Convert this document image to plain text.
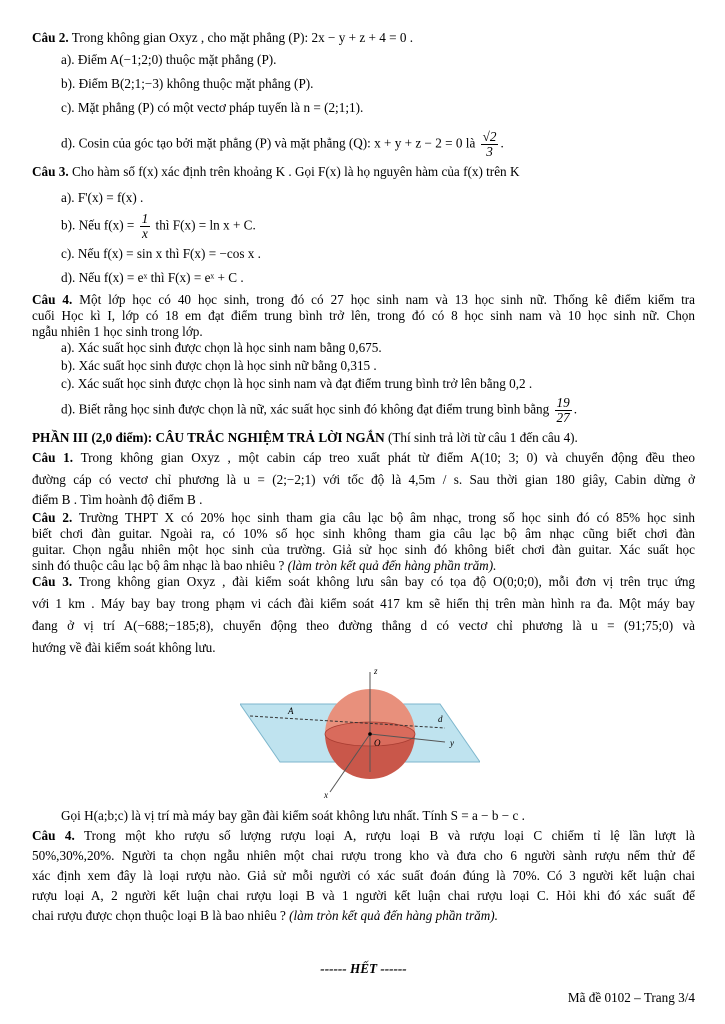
Câu 2. Trong không gian Oxyz , cho mặt phẳng (P): 2x − y + z + 4 = 0 .
a). Điểm A(−1;2;0) thuộc mặt phẳng (P).
b). Điểm B(2;1;−3) không thuộc mặt phẳng (P).
c). Mặt phẳng (P) có một vectơ pháp tuyến là n = (2;1;1).
d). Cosin của góc tạo bởi mặt phẳng (P) và mặt phẳng (Q): x + y + z − 2 = 0 là $\frac{√2}{3}$ .
Câu 3. Cho hàm số f(x) xác định trên khoảng K . Gọi F(x) là họ nguyên hàm của f(x) trên K
a). F'(x) = f(x) .
b). Nếu $f(x) = \frac{1}{x}$ thì F(x) = ln x + C.
c). Nếu f(x) = sin x thì F(x) = −cos x .
d). Nếu f(x) = eˣ thì F(x) = eˣ + C .
Câu 4. Một lớp học có 40 học sinh, trong đó có 27 học sinh nam và 13 học sinh nữ. Thống kê điểm kiểm tra
cuối Học kì I, lớp có 18 em đạt điểm trung bình trở lên, trong đó có 8 học sinh nam và 10 học sinh nữ. Chọn
ngẫu nhiên 1 học sinh trong lớp.
a). Xác suất học sinh được chọn là học sinh nam bằng 0,675.
b). Xác suất học sinh được chọn là học sinh nữ bằng 0,315 .
c). Xác suất học sinh được chọn là học sinh nam và đạt điểm trung bình trở lên bằng 0,2 .
d). Biết rằng học sinh được chọn là nữ, xác suất học sinh đó không đạt điểm trung bình bằng $\frac{19}{27}$ .
PHẦN III (2,0 điểm): CÂU TRẮC NGHIỆM TRẢ LỜI NGẮN (Thí sinh trả lời từ câu 1 đến câu 4).
Câu 1. Trong không gian Oxyz , một cabin cáp treo xuất phát từ điểm A(10; 3; 0) và chuyển động đều theo
đường cáp có vectơ chỉ phương là u = (2;−2;1) với tốc độ là 4,5m / s. Sau thời gian 180 giây, Cabin dừng ở
điểm B . Tìm hoành độ điểm B .
Câu 2. Trường THPT X có 20% học sinh tham gia câu lạc bộ âm nhạc, trong số học sinh đó có 85% học sinh
biết chơi đàn guitar. Ngoài ra, có 10% số học sinh không tham gia câu lạc bộ âm nhạc cũng biết chơi đàn
guitar. Chọn ngẫu nhiên một học sinh của trường. Giả sử học sinh đó không biết chơi đàn guitar. Xác suất học
sinh đó thuộc câu lạc bộ âm nhạc là bao nhiêu ? (làm tròn kết quả đến hàng phần trăm).
Câu 3. Trong không gian Oxyz , đài kiểm soát không lưu sân bay có tọa độ O(0;0;0), mỗi đơn vị trên trục ứng
với 1 km . Máy bay bay trong phạm vi cách đài kiểm soát 417 km sẽ hiển thị trên màn hình ra đa. Một máy bay
đang ở vị trí A(−688;−185;8), chuyển động theo đường thẳng d có vectơ chỉ phương là u = (91;75;0) và
hướng về đài kiểm soát không lưu.
z
A
d
y
O
x
Gọi H(a;b;c) là vị trí mà máy bay gần đài kiểm soát không lưu nhất. Tính S = a − b − c .
Câu 4. Trong một kho rượu số lượng rượu loại A, rượu loại B và rượu loại C chiếm tỉ lệ lần lượt là
50%,30%,20%. Người ta chọn ngẫu nhiên một chai rượu trong kho và đưa cho 6 người sành rượu nếm thử để
xác định xem đây là loại rượu nào. Giả sử mỗi người có xác suất đoán đúng là 70%. Có 3 người kết luận chai
rượu loại A, 2 người kết luận chai rượu loại B và 1 người kết luận chai rượu loại C. Hỏi khi đó xác suất để
chai rượu được chọn thuộc loại B là bao nhiêu ? (làm tròn kết quả đến hàng phần trăm).
------ HẾT ------
Mã đề 0102 – Trang 3/4
